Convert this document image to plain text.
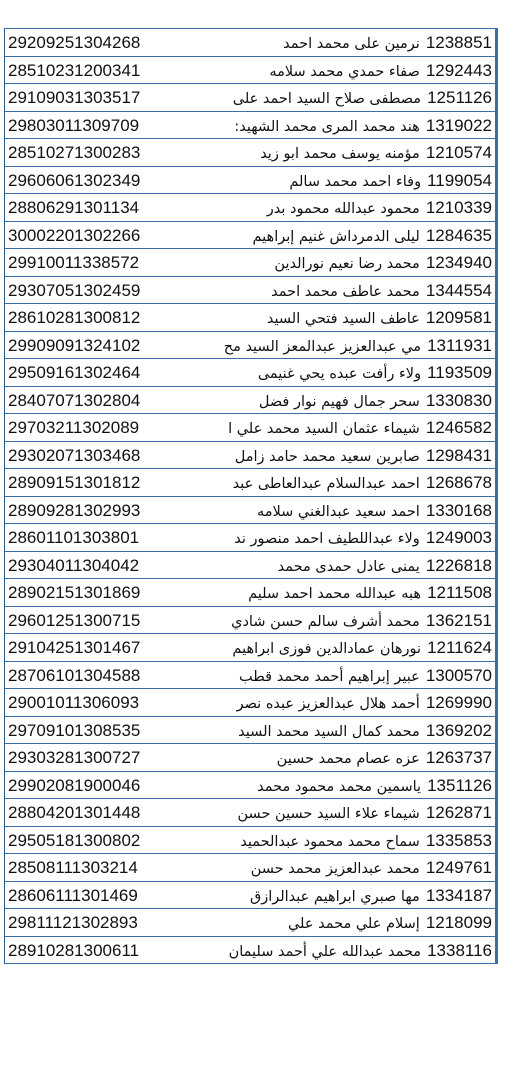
29209251304268	1238851نرمين على محمد احمد
28510231200341	1292443صفاء حمدي محمد سلامه
29109031303517	1251126مصطفى صلاح السيد احمد على
29803011309709	1319022هند محمد المرى محمد الشهيد:
28510271300283	1210574مؤمنه يوسف محمد ابو زيد
29606061302349	1199054وفاء احمد محمد سالم
28806291301134	1210339محمود عبدالله محمود بدر
30002201302266	1284635ليلى الدمرداش غنيم إبراهيم
29910011338572	1234940محمد رضا نعيم نورالدين
29307051302459	1344554محمد عاطف محمد احمد
28610281300812	1209581عاطف السيد فتحي السيد
29909091324102	1311931مي عبدالعزيز عبدالمعز السيد مح
29509161302464	1193509ولاء رأفت عبده يحي غنيمى
28407071302804	1330830سحر جمال فهيم نوار فضل
29703211302089	1246582شيماء عثمان السيد محمد علي ا
29302071303468	1298431صابرين سعيد محمد حامد زامل
28909151301812	1268678احمد عبدالسلام عبدالعاطى عبد
28909281302993	1330168احمد سعيد عبدالغني سلامه
28601101303801	1249003ولاء عبداللطيف احمد منصور ند
29304011304042	1226818يمنى عادل حمدى محمد
28902151301869	1211508هبه عبدالله محمد احمد سليم
29601251300715	1362151محمد أشرف سالم حسن شادي
29104251301467	1211624نورهان عمادالدين فوزى ابراهيم
28706101304588	1300570عبير إبراهيم أحمد محمد قطب
29001011306093	1269990أحمد هلال عبدالعزيز عبده نصر
29709101308535	1369202محمد كمال السيد محمد السيد
29303281300727	1263737عزه عصام محمد حسين
29902081900046	1351126ياسمين محمد محمود محمد
28804201301448	1262871شيماء علاء السيد حسين حسن
29505181300802	1335853سماح محمد محمود عبدالحميد
28508111303214	1249761محمد عبدالعزيز محمد حسن
28606111301469	1334187مها صبري ابراهيم عبدالرازق
29811121302893	1218099إسلام علي محمد علي
28910281300611	1338116محمد عبدالله علي أحمد سليمان
